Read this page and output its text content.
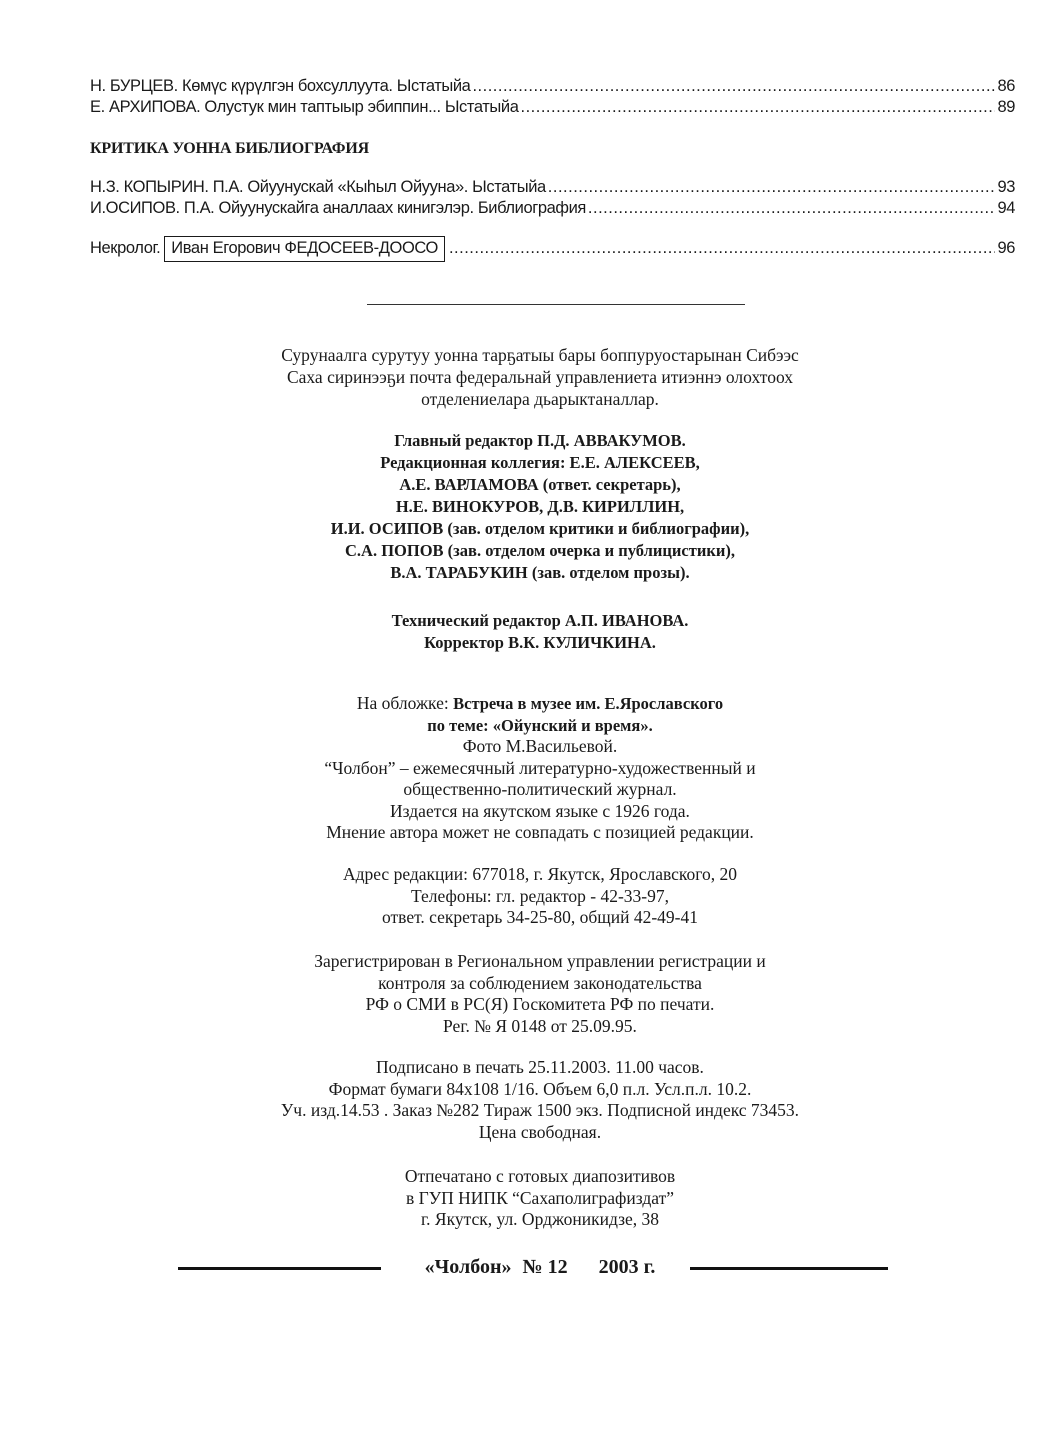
Н. БУРЦЕВ. Көмүс күрүлгэн бохсуллуута. Ыстатыйа .....	86
Е. АРХИПОВА. Олустук мин таптыыр эбиппин... Ыстатыйа .....	89
КРИТИКА УОННА БИБЛИОГРАФИЯ
Н.З. КОПЫРИН. П.А. Ойуунускай «Кыһыл Ойууна». Ыстатыйа .....	93
И.ОСИПОВ. П.А. Ойуунускайга аналлаах кинигэлэр. Библиография .....	94
Некролог. Иван Егорович ФЕДОСЕЕВ-ДООСО .....	96
Сурунаалга сурутуу уонна тарҕатыы бары боппуруостарынан Сибээс
Саха сиринээҕи почта федеральнай управлениета итиэннэ олохтоох
отделениелара дьарыктаналлар.
Главный редактор П.Д. АВВАКУМОВ.
Редакционная коллегия: Е.Е. АЛЕКСЕЕВ,
А.Е. ВАРЛАМОВА (ответ. секретарь),
Н.Е. ВИНОКУРОВ, Д.В. КИРИЛЛИН,
И.И. ОСИПОВ (зав. отделом критики и библиографии),
С.А. ПОПОВ (зав. отделом очерка и публицистики),
В.А. ТАРАБУКИН (зав. отделом прозы).
Технический редактор А.П. ИВАНОВА.
Корректор В.К. КУЛИЧКИНА.
На обложке: Встреча в музее им. Е.Ярославского
по теме: «Ойунский и время».
Фото М.Васильевой.
“Чолбон” – ежемесячный литературно-художественный и
общественно-политический журнал.
Издается на якутском языке с 1926 года.
Мнение автора может не совпадать с позицией редакции.
Адрес редакции: 677018, г. Якутск, Ярославского, 20
Телефоны: гл. редактор - 42-33-97,
ответ. секретарь 34-25-80, общий 42-49-41
Зарегистрирован в Региональном управлении регистрации и
контроля за соблюдением законодательства
РФ о СМИ в РС(Я) Госкомитета РФ по печати.
Рег. № Я 0148 от 25.09.95.
Подписано в печать 25.11.2003. 11.00 часов.
Формат бумаги 84х108 1/16. Объем 6,0 п.л. Усл.п.л. 10.2.
Уч. изд.14.53 . Заказ №282 Тираж 1500 экз. Подписной индекс 73453.
Цена свободная.
Отпечатано с готовых диапозитивов
в ГУП НИПК “Сахаполиграфиздат”
г. Якутск, ул. Орджоникидзе, 38
«Чолбон» № 12 2003 г.
